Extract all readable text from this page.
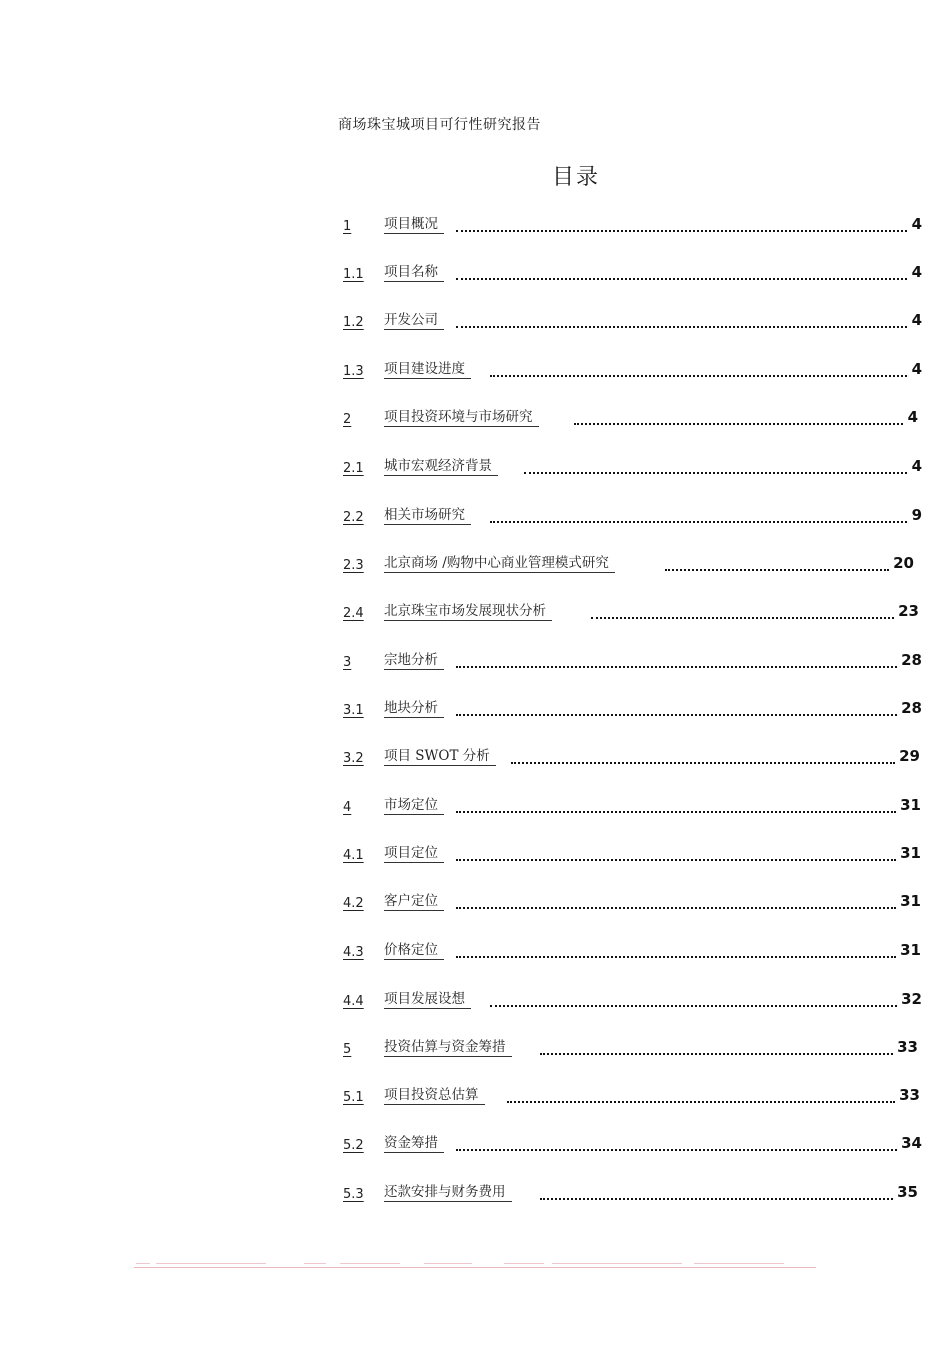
商场珠宝城项目可行性研究报告
目录
1 项目概况	4
1.1 项目名称	4
1.2 开发公司	4
1.3 项目建设进度	4
2 项目投资环境与市场研究	4
2.1 城市宏观经济背景	4
2.2 相关市场研究	9
2.3 北京商场 /购物中心商业管理模式研究	20
2.4 北京珠宝市场发展现状分析	23
3 宗地分析	28
3.1 地块分析	28
3.2 项目 SWOT 分析	29
4 市场定位	31
4.1 项目定位	31
4.2 客户定位	31
4.3 价格定位	31
4.4 项目发展设想	32
5 投资估算与资金筹措	33
5.1 项目投资总估算	33
5.2 资金筹措	34
5.3 还款安排与财务费用	35
